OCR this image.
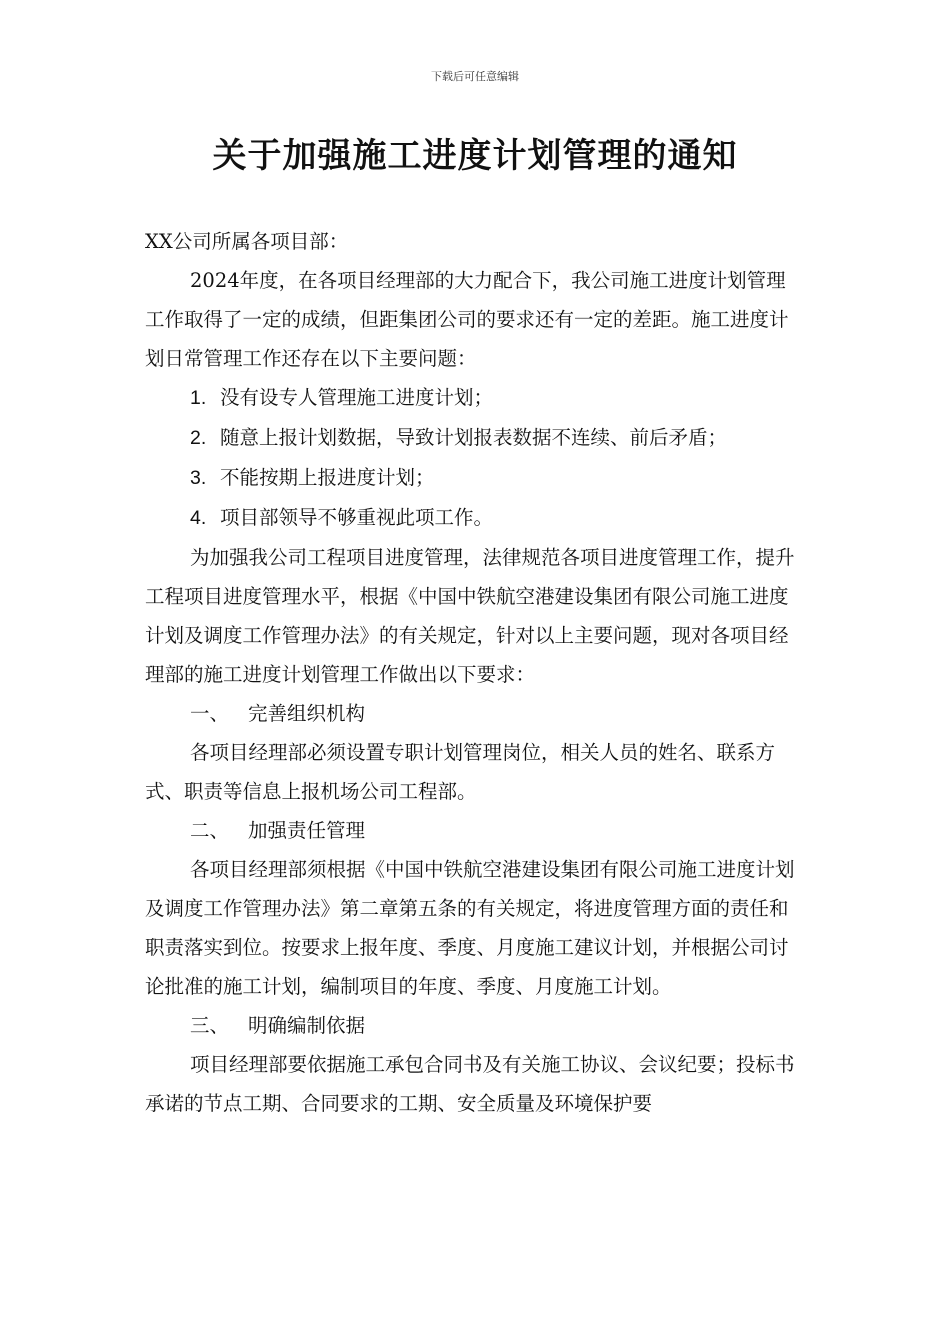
下载后可任意编辑
关于加强施工进度计划管理的通知

XX公司所属各项目部：

2024年度，在各项目经理部的大力配合下，我公司施工进度计划管理工作取得了一定的成绩，但距集团公司的要求还有一定的差距。施工进度计划日常管理工作还存在以下主要问题：

1. 没有设专人管理施工进度计划；

2. 随意上报计划数据，导致计划报表数据不连续、前后矛盾；

3. 不能按期上报进度计划；

4. 项目部领导不够重视此项工作。

为加强我公司工程项目进度管理，法律规范各项目进度管理工作，提升工程项目进度管理水平，根据《中国中铁航空港建设集团有限公司施工进度计划及调度工作管理办法》的有关规定，针对以上主要问题，现对各项目经理部的施工进度计划管理工作做出以下要求：

一、 完善组织机构

各项目经理部必须设置专职计划管理岗位，相关人员的姓名、联系方式、职责等信息上报机场公司工程部。

二、 加强责任管理

各项目经理部须根据《中国中铁航空港建设集团有限公司施工进度计划及调度工作管理办法》第二章第五条的有关规定，将进度管理方面的责任和职责落实到位。按要求上报年度、季度、月度施工建议计划，并根据公司讨论批准的施工计划，编制项目的年度、季度、月度施工计划。

三、 明确编制依据

项目经理部要依据施工承包合同书及有关施工协议、会议纪要；投标书承诺的节点工期、合同要求的工期、安全质量及环境保护要
